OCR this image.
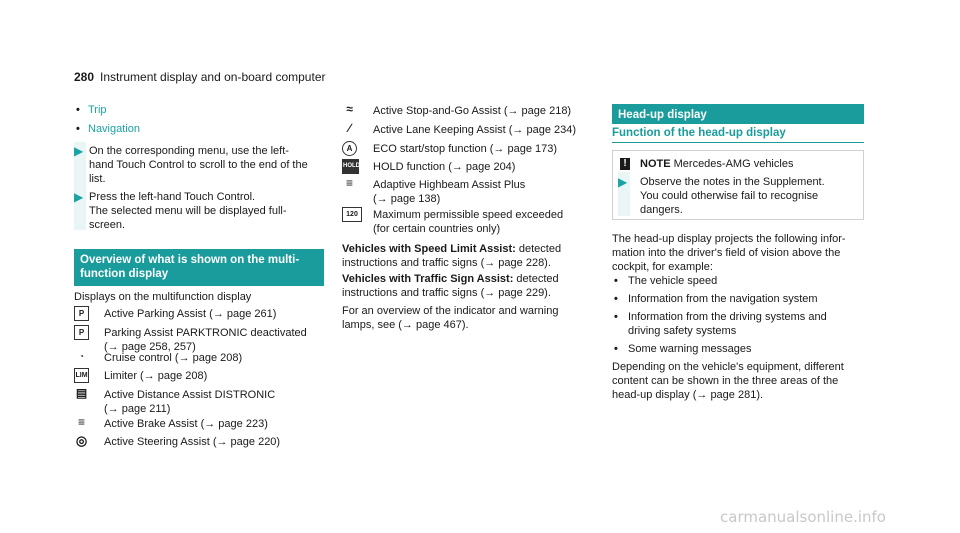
280 Instrument display and on-board computer
• Trip
• Navigation
▶ On the corresponding menu, use the left-
hand Touch Control to scroll to the end of the
list.
▶ Press the left-hand Touch Control.
The selected menu will be displayed full-
screen.
Overview of what is shown on the multi-
function display
Displays on the multifunction display
P	Active Parking Assist (→ page 261)
P	Parking Assist PARKTRONIC deactivated
(→ page 258, 257)
◔	Cruise control (→ page 208)
LIM Limiter (→ page 208)
▤ Active Distance Assist DISTRONIC
(→ page 211)
≡	Active Brake Assist (→ page 223)
◎ Active Steering Assist (→ page 220)
≈	Active Stop-and-Go Assist (→ page 218)
∕	Active Lane Keeping Assist (→ page 234)
A	ECO start/stop function (→ page 173)
HOLD HOLD function (→ page 204)
≡	Adaptive Highbeam Assist Plus
(→ page 138)
120	Maximum permissible speed exceeded
(for certain countries only)
Vehicles with Speed Limit Assist: detected
instructions and traffic signs (→ page 228).
Vehicles with Traffic Sign Assist: detected
instructions and traffic signs (→ page 229).
For an overview of the indicator and warning
lamps, see (→ page 467).
Head-up display
Function of the head-up display
!	NOTE Mercedes-AMG vehicles
▶ Observe the notes in the Supplement.
You could otherwise fail to recognise
dangers.
The head-up display projects the following infor-
mation into the driver's field of vision above the
cockpit, for example:
• The vehicle speed
• Information from the navigation system
• Information from the driving systems and
driving safety systems
• Some warning messages
Depending on the vehicle's equipment, different
content can be shown in the three areas of the
head-up display (→ page 281).
carmanualsonline.info
